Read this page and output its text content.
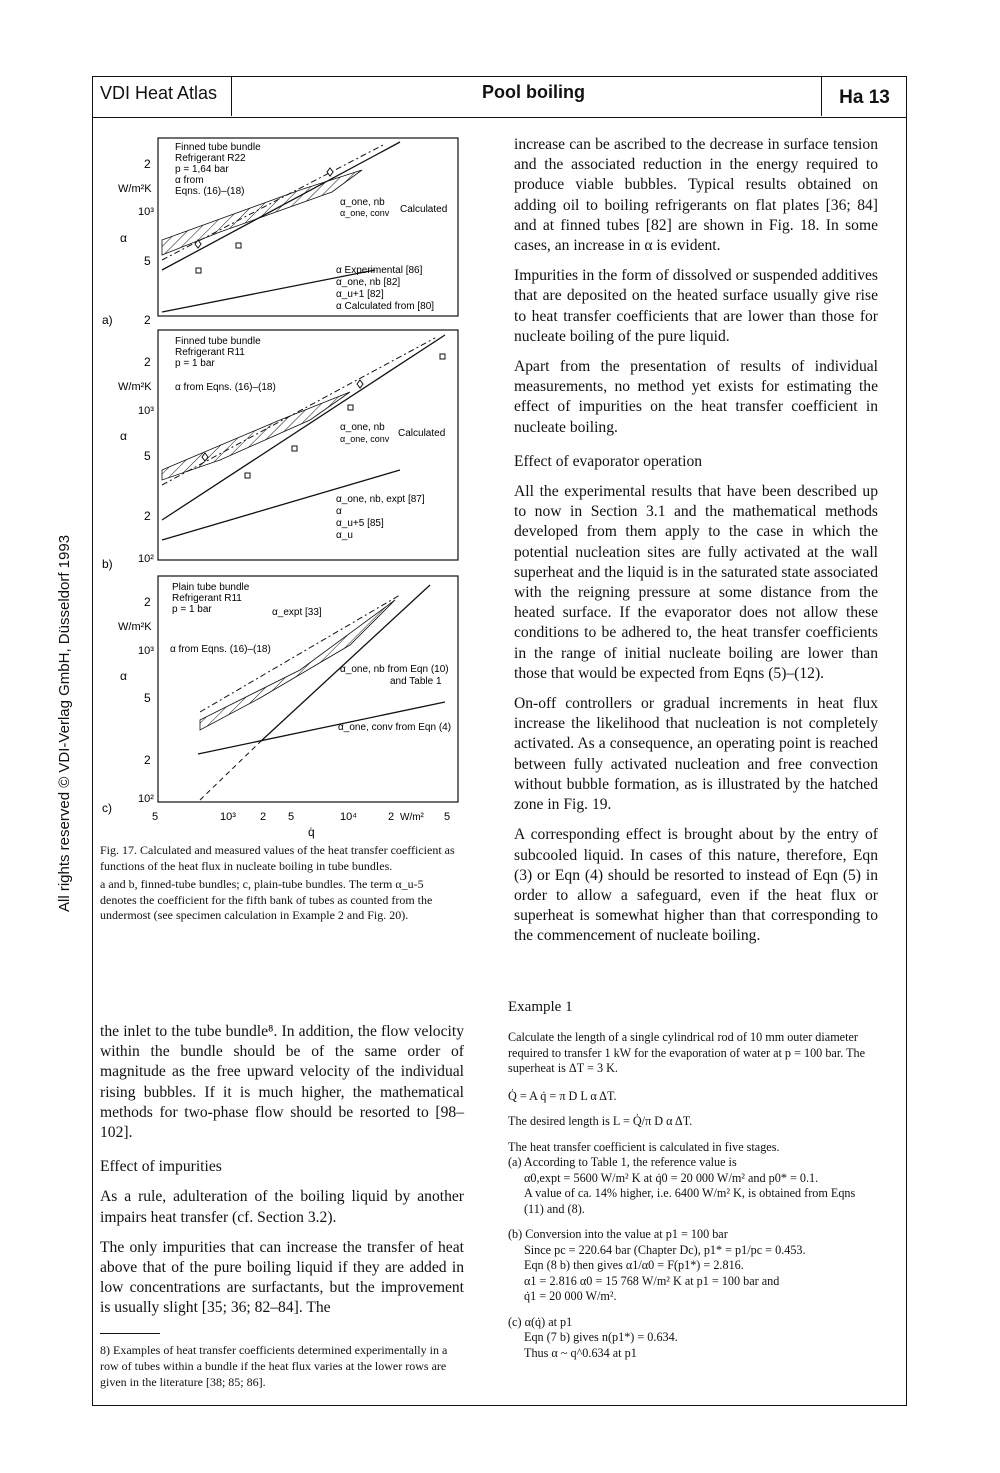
VDI Heat Atlas	Pool boiling	Ha 13
All rights reserved © VDI-Verlag GmbH, Düsseldorf 1993
a)
2
W/m²K
10³
α
5
2
Finned tube bundle
Refrigerant R22
p = 1,64 bar
α from
Eqns. (16)–(18)
α_one, nb
α_one, conv Calculated
α Experimental [86]
α_one, nb [82]
α_u+1 [82]
α Calculated from [80]
b)
2
W/m²K
10³
α
5
2
10²
Finned tube bundle
Refrigerant R11
p = 1 bar
α from Eqns. (16)–(18)
α_one, nb
α_one, conv Calculated
α_one, nb, expt [87]
α
α_u+5 [85]
α_u
c)
2
W/m²K
10³
α
5
2
10²
Plain tube bundle
Refrigerant R11
p = 1 bar
α from Eqns. (16)–(18)
α_expt [33]
α_one, nb from Eqn (10)
and Table 1
α_one, conv from Eqn (4)
5	10³ 2 5	10⁴	2	5
W/m²
q̇

Fig. 17. Calculated and measured values of the heat transfer coefficient as functions of the heat flux in nucleate boiling in tube bundles.

a and b, finned-tube bundles; c, plain-tube bundles. The term α_u-5 denotes the coefficient for the fifth bank of tubes as counted from the undermost (see specimen calculation in Example 2 and Fig. 20).

the inlet to the tube bundle⁸. In addition, the flow velocity within the bundle should be of the same order of magnitude as the free upward velocity of the individual rising bubbles. If it is much higher, the mathematical methods for two-phase flow should be resorted to [98–102].

Effect of impurities

As a rule, adulteration of the boiling liquid by another impairs heat transfer (cf. Section 3.2).

The only impurities that can increase the transfer of heat above that of the pure boiling liquid if they are added in low concentrations are surfactants, but the improvement is usually slight [35; 36; 82–84]. The

8) Examples of heat transfer coefficients determined experimentally in a row of tubes within a bundle if the heat flux varies at the lower rows are given in the literature [38; 85; 86].

increase can be ascribed to the decrease in surface tension and the associated reduction in the energy required to produce viable bubbles. Typical results obtained on adding oil to boiling refrigerants on flat plates [36; 84] and at finned tubes [82] are shown in Fig. 18. In some cases, an increase in α is evident.

Impurities in the form of dissolved or suspended additives that are deposited on the heated surface usually give rise to heat transfer coefficients that are lower than those for nucleate boiling of the pure liquid.

Apart from the presentation of results of individual measurements, no method yet exists for estimating the effect of impurities on the heat transfer coefficient in nucleate boiling.

Effect of evaporator operation

All the experimental results that have been described up to now in Section 3.1 and the mathematical methods developed from them apply to the case in which the potential nucleation sites are fully activated at the wall superheat and the liquid is in the saturated state associated with the reigning pressure at some distance from the heated surface. If the evaporator does not allow these conditions to be adhered to, the heat transfer coefficients in the range of initial nucleate boiling are lower than those that would be expected from Eqns (5)–(12).

On-off controllers or gradual increments in heat flux increase the likelihood that nucleation is not completely activated. As a consequence, an operating point is reached between fully activated nucleation and free convection without bubble formation, as is illustrated by the hatched zone in Fig. 19.

A corresponding effect is brought about by the entry of subcooled liquid. In cases of this nature, therefore, Eqn (3) or Eqn (4) should be resorted to instead of Eqn (5) in order to allow a safeguard, even if the heat flux or superheat is somewhat higher than that corresponding to the commencement of nucleate boiling.

Example 1

Calculate the length of a single cylindrical rod of 10 mm outer diameter required to transfer 1 kW for the evaporation of water at p = 100 bar. The superheat is ΔT = 3 K.

Q̇ = A q̇ = π D L α ΔT.

The desired length is L = Q̇/π D α ΔT.

The heat transfer coefficient is calculated in five stages.

(a) According to Table 1, the reference value is

α0,expt = 5600 W/m² K at q̇0 = 20 000 W/m² and p0* = 0.1.

A value of ca. 14% higher, i.e. 6400 W/m² K, is obtained from Eqns (11) and (8).

(b) Conversion into the value at p1 = 100 bar

Since pc = 220.64 bar (Chapter Dc), p1* = p1/pc = 0.453.

Eqn (8 b) then gives α1/α0 = F(p1*) = 2.816.

α1 = 2.816 α0 = 15 768 W/m² K at p1 = 100 bar and

q̇1 = 20 000 W/m².

(c) α(q̇) at p1

Eqn (7 b) gives n(p1*) = 0.634.

Thus α ~ q^0.634 at p1
